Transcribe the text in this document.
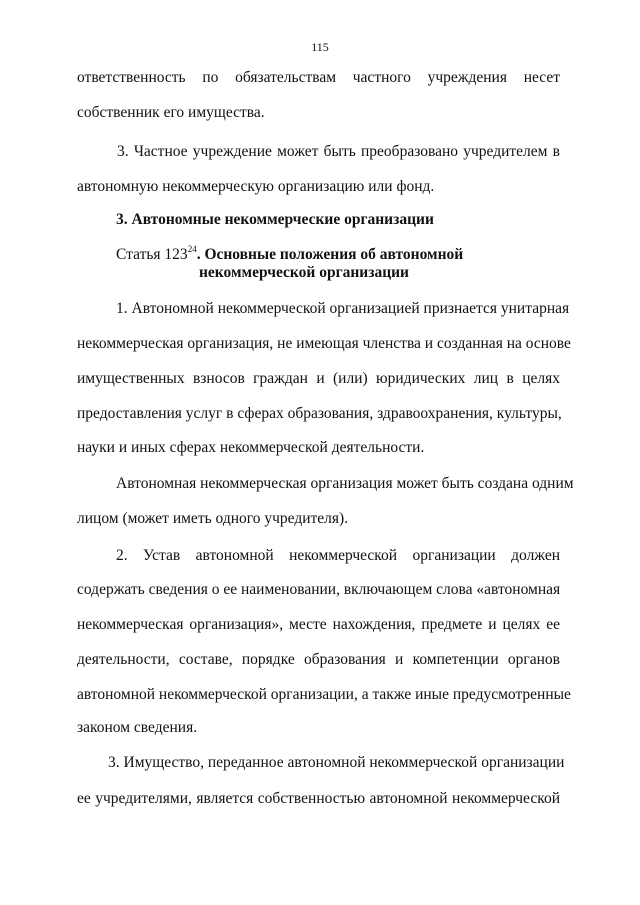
115
ответственность по обязательствам частного учреждения несет
собственник его имущества.
3. Частное учреждение может быть преобразовано учредителем в
автономную некоммерческую организацию или фонд.
3. Автономные некоммерческие организации
Статья $123^{24}$. Основные положения об автономной
некоммерческой организации
1. Автономной некоммерческой организацией признается унитарная
некоммерческая организация, не имеющая членства и созданная на основе
имущественных взносов граждан и (или) юридических лиц в целях
предоставления услуг в сферах образования, здравоохранения, культуры,
науки и иных сферах некоммерческой деятельности.
Автономная некоммерческая организация может быть создана одним
лицом (может иметь одного учредителя).
2. Устав автономной некоммерческой организации должен
содержать сведения о ее наименовании, включающем слова «автономная
некоммерческая организация», месте нахождения, предмете и целях ее
деятельности, составе, порядке образования и компетенции органов
автономной некоммерческой организации, а также иные предусмотренные
законом сведения.
3. Имущество, переданное автономной некоммерческой организации
ее учредителями, является собственностью автономной некоммерческой
